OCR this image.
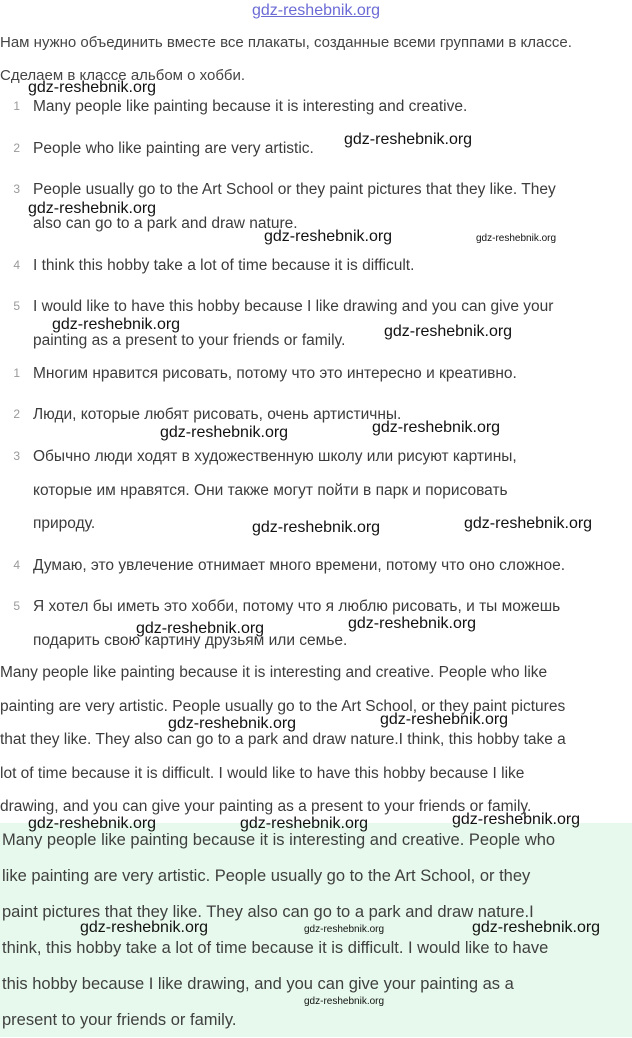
gdz-reshebnik.org
Нам нужно объединить вместе все плакаты, созданные всеми группами в классе. Сделаем в классе альбом о хобби.
1 Many people like painting because it is interesting and creative.
2 People who like painting are very artistic.
3 People usually go to the Art School or they paint pictures that they like. They
also can go to a park and draw nature.
4 I think this hobby take a lot of time because it is difficult.
5 I would like to have this hobby because I like drawing and you can give your
painting as a present to your friends or family.
1 Многим нравится рисовать, потому что это интересно и креативно.
2 Люди, которые любят рисовать, очень артистичны.
3 Обычно люди ходят в художественную школу или рисуют картины,
которые им нравятся. Они также могут пойти в парк и порисовать
природу.
4 Думаю, это увлечение отнимает много времени, потому что оно сложное.
5 Я хотел бы иметь это хобби, потому что я люблю рисовать, и ты можешь
подарить свою картину друзьям или семье.
Many people like painting because it is interesting and creative. People who like
painting are very artistic. People usually go to the Art School, or they paint pictures
that they like. They also can go to a park and draw nature.I think, this hobby take a
lot of time because it is difficult. I would like to have this hobby because I like
drawing, and you can give your painting as a present to your friends or family.
Many people like painting because it is interesting and creative. People who
like painting are very artistic. People usually go to the Art School, or they
paint pictures that they like. They also can go to a park and draw nature.I
think, this hobby take a lot of time because it is difficult. I would like to have
this hobby because I like drawing, and you can give your painting as a
present to your friends or family.
gdz-reshebnik.org
gdz-reshebnik.org
gdz-reshebnik.org
gdz-reshebnik.org	gdz-reshebnik.org
gdz-reshebnik.org	gdz-reshebnik.org
gdz-reshebnik.org	gdz-reshebnik.org
gdz-reshebnik.org	gdz-reshebnik.org
gdz-reshebnik.org	gdz-reshebnik.org
gdz-reshebnik.org	gdz-reshebnik.org
gdz-reshebnik.org	gdz-reshebnik.org	gdz-reshebnik.org
gdz-reshebnik.org	gdz-reshebnik.org	gdz-reshebnik.org
gdz-reshebnik.org
